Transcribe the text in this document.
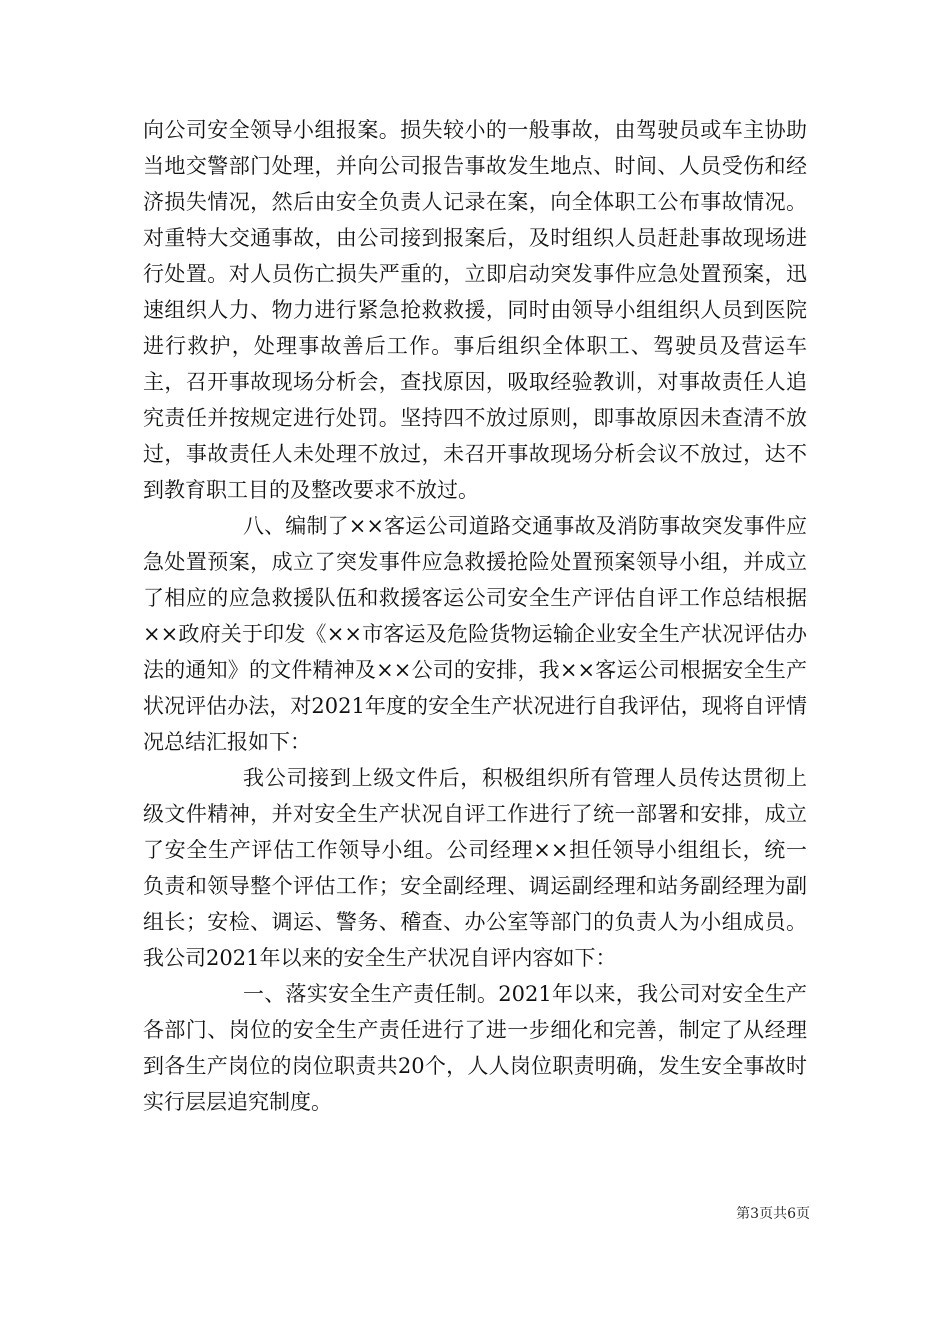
向公司安全领导小组报案。损失较小的一般事故，由驾驶员或车主协助当地交警部门处理，并向公司报告事故发生地点、时间、人员受伤和经济损失情况，然后由安全负责人记录在案，向全体职工公布事故情况。对重特大交通事故，由公司接到报案后，及时组织人员赶赴事故现场进行处置。对人员伤亡损失严重的，立即启动突发事件应急处置预案，迅速组织人力、物力进行紧急抢救救援，同时由领导小组组织人员到医院进行救护，处理事故善后工作。事后组织全体职工、驾驶员及营运车主，召开事故现场分析会，查找原因，吸取经验教训，对事故责任人追究责任并按规定进行处罚。坚持四不放过原则，即事故原因未查清不放过，事故责任人未处理不放过，未召开事故现场分析会议不放过，达不到教育职工目的及整改要求不放过。

八、编制了××客运公司道路交通事故及消防事故突发事件应急处置预案，成立了突发事件应急救援抢险处置预案领导小组，并成立了相应的应急救援队伍和救援客运公司安全生产评估自评工作总结根据××政府关于印发《××市客运及危险货物运输企业安全生产状况评估办法的通知》的文件精神及××公司的安排，我××客运公司根据安全生产状况评估办法，对2021年度的安全生产状况进行自我评估，现将自评情况总结汇报如下：

我公司接到上级文件后，积极组织所有管理人员传达贯彻上级文件精神，并对安全生产状况自评工作进行了统一部署和安排，成立了安全生产评估工作领导小组。公司经理××担任领导小组组长，统一负责和领导整个评估工作；安全副经理、调运副经理和站务副经理为副组长；安检、调运、警务、稽查、办公室等部门的负责人为小组成员。我公司2021年以来的安全生产状况自评内容如下：

一、落实安全生产责任制。2021年以来，我公司对安全生产各部门、岗位的安全生产责任进行了进一步细化和完善，制定了从经理到各生产岗位的岗位职责共20个，人人岗位职责明确，发生安全事故时实行层层追究制度。

第3页共6页
